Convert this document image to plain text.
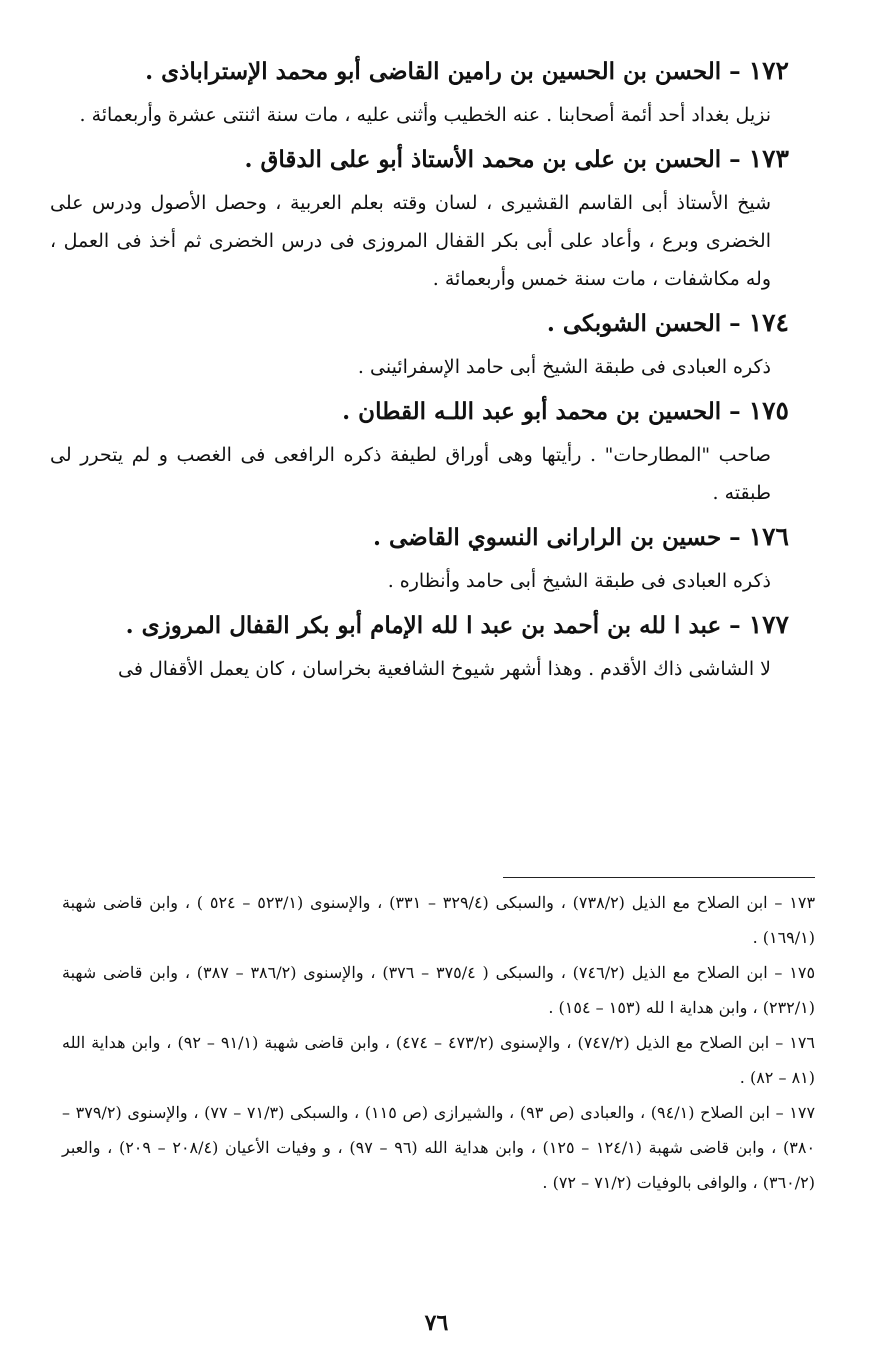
١٧٢ – الحسن بن الحسين بن رامين القاضى أبو محمد الإستراباذى .

نزيل بغداد أحد أئمة أصحابنا . عنه الخطيب وأثنى عليه ، مات سنة اثنتى عشرة وأربعمائة .

١٧٣ – الحسن بن على بن محمد الأستاذ أبو على الدقاق .

شيخ الأستاذ أبى القاسم القشيرى ، لسان وقته بعلم العربية ، وحصل الأصول ودرس على الخضرى وبرع ، وأعاد على أبى بكر القفال المروزى فى درس الخضرى ثم أخذ فى العمل ، وله مكاشفات ، مات سنة خمس وأربعمائة .

١٧٤ – الحسن الشوبكى .

ذكره العبادى فى طبقة الشيخ أبى حامد الإسفرائينى .

١٧٥ – الحسين بن محمد أبو عبد اللـه القطان .

صاحب "المطارحات" . رأيتها وهى أوراق لطيفة ذكره الرافعى فى الغصب و لم يتحرر لى طبقته .

١٧٦ – حسين بن الرارانى النسوي القاضى .

ذكره العبادى فى طبقة الشيخ أبى حامد وأنظاره .

١٧٧ – عبد ا لله بن أحمد بن عبد ا لله الإمام أبو بكر القفال المروزى .

لا الشاشى ذاك الأقدم . وهذا أشهر شيوخ الشافعية بخراسان ، كان يعمل الأقفال فى

١٧٣ – ابن الصلاح مع الذيل (٧٣٨/٢) ، والسبكى (٣٢٩/٤ – ٣٣١) ، والإسنوى (٥٢٣/١ – ٥٢٤ ) ، وابن قاضى شهبة (١٦٩/١) .

١٧٥ – ابن الصلاح مع الذيل (٧٤٦/٢) ، والسبكى ( ٣٧٥/٤ – ٣٧٦) ، والإسنوى (٣٨٦/٢ – ٣٨٧) ، وابن قاضى شهبة (٢٣٢/١) ، وابن هداية ا لله (١٥٣ – ١٥٤) .

١٧٦ – ابن الصلاح مع الذيل (٧٤٧/٢) ، والإسنوى (٤٧٣/٢ – ٤٧٤) ، وابن قاضى شهبة (٩١/١ – ٩٢) ، وابن هداية الله (٨١ – ٨٢) .

١٧٧ – ابن الصلاح (٩٤/١) ، والعبادى (ص ٩٣) ، والشيرازى (ص ١١٥) ، والسبكى (٧١/٣ – ٧٧) ، والإسنوى (٣٧٩/٢ – ٣٨٠) ، وابن قاضى شهبة (١٢٤/١ – ١٢٥) ، وابن هداية الله (٩٦ – ٩٧) ، و وفيات الأعيان (٢٠٨/٤ – ٢٠٩) ، والعبر (٣٦٠/٢) ، والوافى بالوفيات (٧١/٢ – ٧٢) .

٧٦
